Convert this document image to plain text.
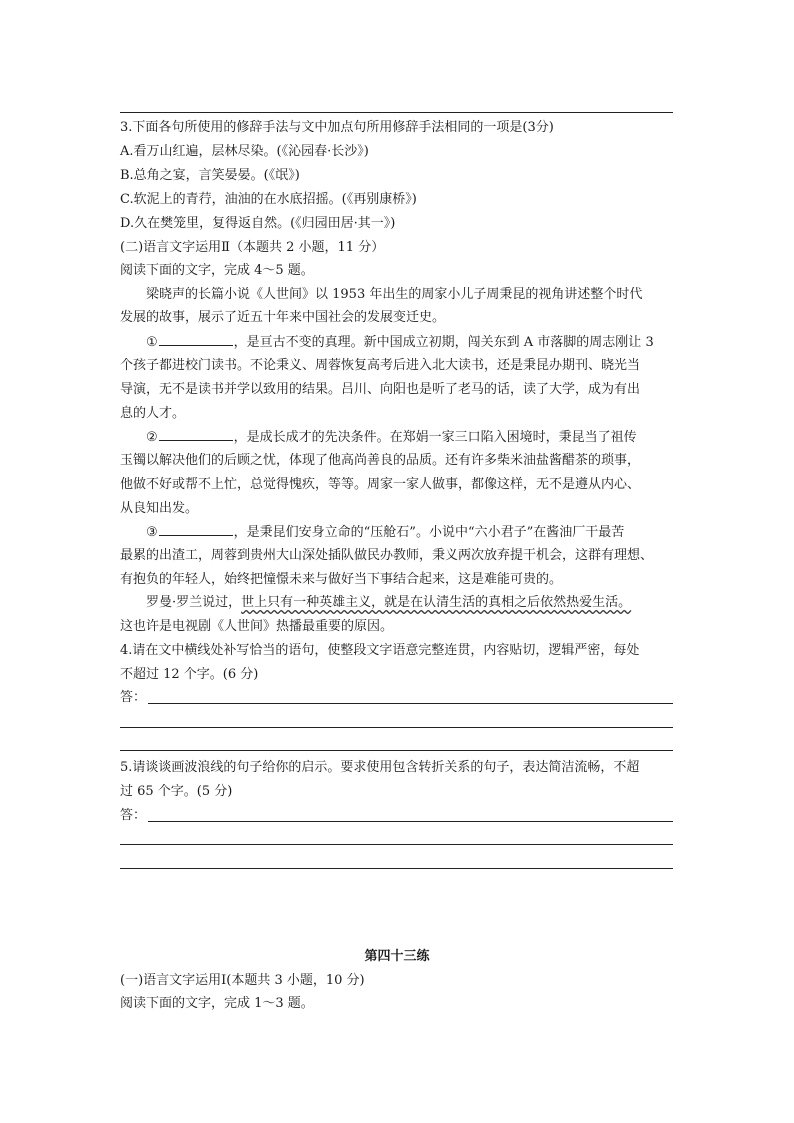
3.下面各句所使用的修辞手法与文中加点句所用修辞手法相同的一项是(3分)
A.看万山红遍，层林尽染。(《沁园春·长沙》)
B.总角之宴，言笑晏晏。(《氓》)
C.软泥上的青荇，油油的在水底招摇。(《再别康桥》)
D.久在樊笼里，复得返自然。(《归园田居·其一》)
(二)语言文字运用Ⅱ（本题共 2 小题，11 分）
阅读下面的文字，完成 4～5 题。
梁晓声的长篇小说《人世间》以 1953 年出生的周家小儿子周秉昆的视角讲述整个时代
发展的故事，展示了近五十年来中国社会的发展变迁史。
①	，是亘古不变的真理。新中国成立初期，闯关东到 A 市落脚的周志刚让 3
个孩子都进校门读书。不论秉义、周蓉恢复高考后进入北大读书，还是秉昆办期刊、晓光当
导演，无不是读书并学以致用的结果。吕川、向阳也是听了老马的话，读了大学，成为有出
息的人才。
②	，是成长成才的先决条件。在郑娟一家三口陷入困境时，秉昆当了祖传
玉镯以解决他们的后顾之忧，体现了他高尚善良的品质。还有许多柴米油盐酱醋茶的琐事，
他做不好或帮不上忙，总觉得愧疚，等等。周家一家人做事，都像这样，无不是遵从内心、
从良知出发。
③	，是秉昆们安身立命的“压舱石”。小说中“六小君子”在酱油厂干最苦
最累的出渣工，周蓉到贵州大山深处插队做民办教师，秉义两次放弃提干机会，这群有理想、
有抱负的年轻人，始终把憧憬未来与做好当下事结合起来，这是难能可贵的。
罗曼·罗兰说过，世上只有一种英雄主义，就是在认清生活的真相之后依然热爱生活。
这也许是电视剧《人世间》热播最重要的原因。
4.请在文中横线处补写恰当的语句，使整段文字语意完整连贯，内容贴切，逻辑严密，每处
不超过 12 个字。(6 分)
答：
5.请谈谈画波浪线的句子给你的启示。要求使用包含转折关系的句子，表达简洁流畅，不超
过 65 个字。(5 分)
答：
第四十三练
(一)语言文字运用Ⅰ(本题共 3 小题，10 分)
阅读下面的文字，完成 1～3 题。
